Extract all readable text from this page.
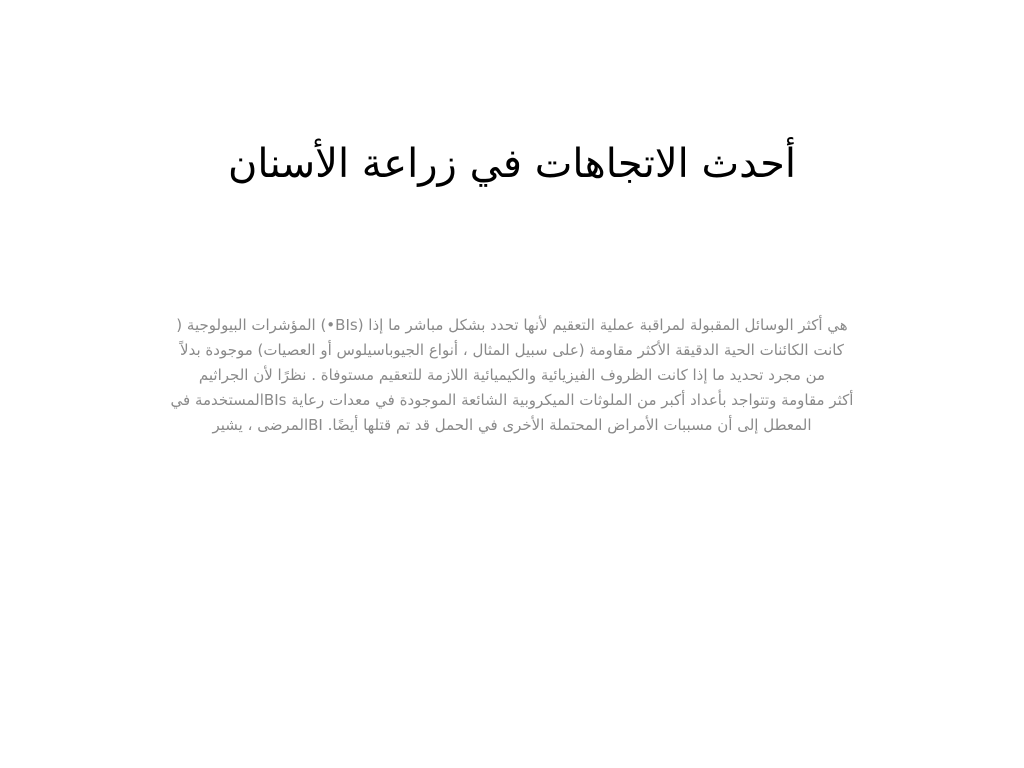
أحدث الاتجاهات في زراعة الأسنان

هي أكثر الوسائل المقبولة لمراقبة عملية التعقيم لأنها تحدد بشكل مباشر ما إذا (BIs•) المؤشرات البيولوجية (
كانت الكائنات الحية الدقيقة الأكثر مقاومة (على سبيل المثال ، أنواع الجيوباسيلوس أو العصيات) موجودة بدلاً
من مجرد تحديد ما إذا كانت الظروف الفيزيائية والكيميائية اللازمة للتعقيم مستوفاة . نظرًا لأن الجراثيم
أكثر مقاومة وتتواجد بأعداد أكبر من الملوثات الميكروبية الشائعة الموجودة في معدات رعاية BIsالمستخدمة في
المعطل إلى أن مسببات الأمراض المحتملة الأخرى في الحمل قد تم قتلها أيضًا. BIالمرضى ، يشير
